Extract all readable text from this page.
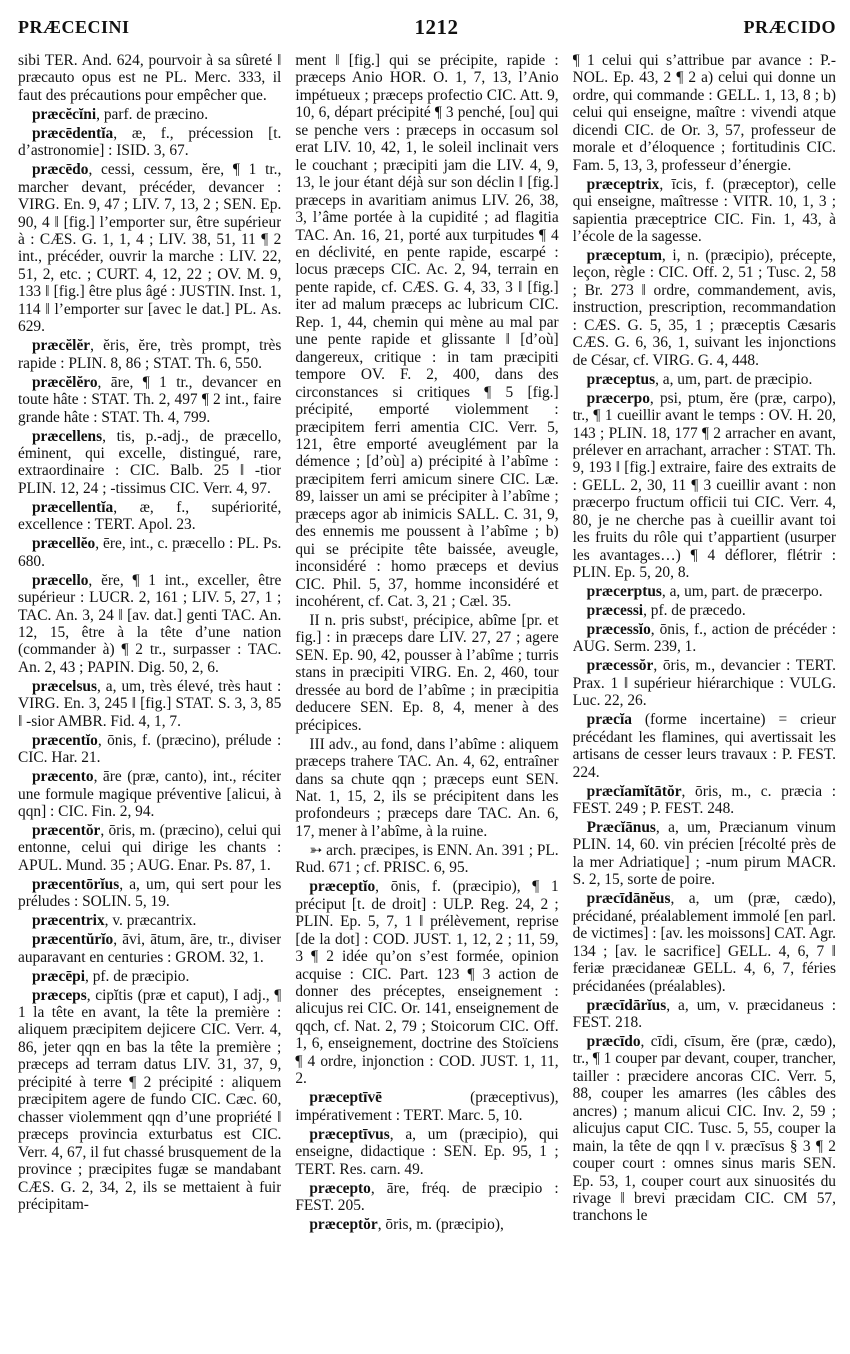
PRÆCECINI	1212	PRÆCIDO

sibi TER. And. 624, pourvoir à sa sûreté ‖ præcauto opus est ne PL. Merc. 333, il faut des précautions pour empêcher que.

præcĕcĭni, parf. de præcino.

præcēdentĭa, æ, f., précession [t. d’astronomie] : ISID. 3, 67.

præcēdo, cessi, cessum, ĕre, ¶ 1 tr., marcher devant, précéder, devancer : VIRG. En. 9, 47 ; LIV. 7, 13, 2 ; SEN. Ep. 90, 4 ‖ [fig.] l’emporter sur, être supérieur à : CÆS. G. 1, 1, 4 ; LIV. 38, 51, 11 ¶ 2 int., précéder, ouvrir la marche : LIV. 22, 51, 2, etc. ; CURT. 4, 12, 22 ; OV. M. 9, 133 ‖ [fig.] être plus âgé : JUSTIN. Inst. 1, 114 ‖ l’emporter sur [avec le dat.] PL. As. 629.

præcĕlĕr, ĕris, ĕre, très prompt, très rapide : PLIN. 8, 86 ; STAT. Th. 6, 550.

præcĕlĕro, āre, ¶ 1 tr., devancer en toute hâte : STAT. Th. 2, 497 ¶ 2 int., faire grande hâte : STAT. Th. 4, 799.

præcellens, tis, p.-adj., de præcello, éminent, qui excelle, distingué, rare, extraordinaire : CIC. Balb. 25 ‖ -tior PLIN. 12, 24 ; -tissimus CIC. Verr. 4, 97.

præcellentĭa, æ, f., supériorité, excellence : TERT. Apol. 23.

præcellĕo, ēre, int., c. præcello : PL. Ps. 680.

præcello, ĕre, ¶ 1 int., exceller, être supérieur : LUCR. 2, 161 ; LIV. 5, 27, 1 ; TAC. An. 3, 24 ‖ [av. dat.] genti TAC. An. 12, 15, être à la tête d’une nation (commander à) ¶ 2 tr., surpasser : TAC. An. 2, 43 ; PAPIN. Dig. 50, 2, 6.

præcelsus, a, um, très élevé, très haut : VIRG. En. 3, 245 ‖ [fig.] STAT. S. 3, 3, 85 ‖ -sior AMBR. Fid. 4, 1, 7.

præcentĭo, ōnis, f. (præcino), prélude : CIC. Har. 21.

præcento, āre (præ, canto), int., réciter une formule magique préventive [alicui, à qqn] : CIC. Fin. 2, 94.

præcentŏr, ōris, m. (præcino), celui qui entonne, celui qui dirige les chants : APUL. Mund. 35 ; AUG. Enar. Ps. 87, 1.

præcentōrĭus, a, um, qui sert pour les préludes : SOLIN. 5, 19.

præcentrix, v. præcantrix.

præcentŭrĭo, āvi, ātum, āre, tr., diviser auparavant en centuries : GROM. 32, 1.

præcēpi, pf. de præcipio.

præceps, cipĭtis (præ et caput), I adj., ¶ 1 la tête en avant, la tête la première : aliquem præcipitem dejicere CIC. Verr. 4, 86, jeter qqn en bas la tête la première ; præceps ad terram datus LIV. 31, 37, 9, précipité à terre ¶ 2 précipité : aliquem præcipitem agere de fundo CIC. Cæc. 60, chasser violemment qqn d’une propriété ‖ præceps provincia exturbatus est CIC. Verr. 4, 67, il fut chassé brusquement de la province ; præcipites fugæ se mandabant CÆS. G. 2, 34, 2, ils se mettaient à fuir précipitam-

ment ‖ [fig.] qui se précipite, rapide : præceps Anio HOR. O. 1, 7, 13, l’Anio impétueux ; præceps profectio CIC. Att. 9, 10, 6, départ précipité ¶ 3 penché, [ou] qui se penche vers : præceps in occasum sol erat LIV. 10, 42, 1, le soleil inclinait vers le couchant ; præcipiti jam die LIV. 4, 9, 13, le jour étant déjà sur son déclin ‖ [fig.] præceps in avaritiam animus LIV. 26, 38, 3, l’âme portée à la cupidité ; ad flagitia TAC. An. 16, 21, porté aux turpitudes ¶ 4 en déclivité, en pente rapide, escarpé : locus præceps CIC. Ac. 2, 94, terrain en pente rapide, cf. CÆS. G. 4, 33, 3 ‖ [fig.] iter ad malum præceps ac lubricum CIC. Rep. 1, 44, chemin qui mène au mal par une pente rapide et glissante ‖ [d’où] dangereux, critique : in tam præcipiti tempore OV. F. 2, 400, dans des circonstances si critiques ¶ 5 [fig.] précipité, emporté violemment : præcipitem ferri amentia CIC. Verr. 5, 121, être emporté aveuglément par la démence ; [d’où] a) précipité à l’abîme : præcipitem ferri amicum sinere CIC. Læ. 89, laisser un ami se précipiter à l’abîme ; præceps agor ab inimicis SALL. C. 31, 9, des ennemis me poussent à l’abîme ; b) qui se précipite tête baissée, aveugle, inconsidéré : homo præceps et devius CIC. Phil. 5, 37, homme inconsidéré et incohérent, cf. Cat. 3, 21 ; Cæl. 35.

II n. pris substᵗ, précipice, abîme [pr. et fig.] : in præceps dare LIV. 27, 27 ; agere SEN. Ep. 90, 42, pousser à l’abîme ; turris stans in præcipiti VIRG. En. 2, 460, tour dressée au bord de l’abîme ; in præcipitia deducere SEN. Ep. 8, 4, mener à des précipices.

III adv., au fond, dans l’abîme : aliquem præceps trahere TAC. An. 4, 62, entraîner dans sa chute qqn ; præceps eunt SEN. Nat. 1, 15, 2, ils se précipitent dans les profondeurs ; præceps dare TAC. An. 6, 17, mener à l’abîme, à la ruine.

➳ arch. præcipes, is ENN. An. 391 ; PL. Rud. 671 ; cf. PRISC. 6, 95.

præceptĭo, ōnis, f. (præcipio), ¶ 1 préciput [t. de droit] : ULP. Reg. 24, 2 ; PLIN. Ep. 5, 7, 1 ‖ prélèvement, reprise [de la dot] : COD. JUST. 1, 12, 2 ; 11, 59, 3 ¶ 2 idée qu’on s’est formée, opinion acquise : CIC. Part. 123 ¶ 3 action de donner des préceptes, enseignement : alicujus rei CIC. Or. 141, enseignement de qqch, cf. Nat. 2, 79 ; Stoicorum CIC. Off. 1, 6, enseignement, doctrine des Stoïciens ¶ 4 ordre, injonction : COD. JUST. 1, 11, 2.

præceptīvē (præceptivus), impérativement : TERT. Marc. 5, 10.

præceptīvus, a, um (præcipio), qui enseigne, didactique : SEN. Ep. 95, 1 ; TERT. Res. carn. 49.

præcepto, āre, fréq. de præcipio : FEST. 205.

præceptŏr, ōris, m. (præcipio),

¶ 1 celui qui s’attribue par avance : P.-NOL. Ep. 43, 2 ¶ 2 a) celui qui donne un ordre, qui commande : GELL. 1, 13, 8 ; b) celui qui enseigne, maître : vivendi atque dicendi CIC. de Or. 3, 57, professeur de morale et d’éloquence ; fortitudinis CIC. Fam. 5, 13, 3, professeur d’énergie.

præceptrix, īcis, f. (præceptor), celle qui enseigne, maîtresse : VITR. 10, 1, 3 ; sapientia præceptrice CIC. Fin. 1, 43, à l’école de la sagesse.

præceptum, i, n. (præcipio), précepte, leçon, règle : CIC. Off. 2, 51 ; Tusc. 2, 58 ; Br. 273 ‖ ordre, commandement, avis, instruction, prescription, recommandation : CÆS. G. 5, 35, 1 ; præceptis Cæsaris CÆS. G. 6, 36, 1, suivant les injonctions de César, cf. VIRG. G. 4, 448.

præceptus, a, um, part. de præcipio.

præcerpo, psi, ptum, ĕre (præ, carpo), tr., ¶ 1 cueillir avant le temps : OV. H. 20, 143 ; PLIN. 18, 177 ¶ 2 arracher en avant, prélever en arrachant, arracher : STAT. Th. 9, 193 ‖ [fig.] extraire, faire des extraits de : GELL. 2, 30, 11 ¶ 3 cueillir avant : non præcerpo fructum officii tui CIC. Verr. 4, 80, je ne cherche pas à cueillir avant toi les fruits du rôle qui t’appartient (usurper les avantages…) ¶ 4 déflorer, flétrir : PLIN. Ep. 5, 20, 8.

præcerptus, a, um, part. de præcerpo.

præcessi, pf. de præcedo.

præcessĭo, ōnis, f., action de précéder : AUG. Serm. 239, 1.

præcessŏr, ōris, m., devancier : TERT. Prax. 1 ‖ supérieur hiérarchique : VULG. Luc. 22, 26.

præcĭa (forme incertaine) = crieur précédant les flamines, qui avertissait les artisans de cesser leurs travaux : P. FEST. 224.

præcĭamĭtātŏr, ōris, m., c. præcia : FEST. 249 ; P. FEST. 248.

Præcĭānus, a, um, Præcianum vinum PLIN. 14, 60. vin précien [récolté près de la mer Adriatique] ; -num pirum MACR. S. 2, 15, sorte de poire.

præcīdānĕus, a, um (præ, cædo), précidané, préalablement immolé [en parl. de victimes] : [av. les moissons] CAT. Agr. 134 ; [av. le sacrifice] GELL. 4, 6, 7 ‖ feriæ præcidaneæ GELL. 4, 6, 7, féries précidanées (préalables).

præcīdārĭus, a, um, v. præcidaneus : FEST. 218.

præcīdo, cīdi, cīsum, ĕre (præ, cædo), tr., ¶ 1 couper par devant, couper, trancher, tailler : præcidere ancoras CIC. Verr. 5, 88, couper les amarres (les câbles des ancres) ; manum alicui CIC. Inv. 2, 59 ; alicujus caput CIC. Tusc. 5, 55, couper la main, la tête de qqn ‖ v. præcīsus § 3 ¶ 2 couper court : omnes sinus maris SEN. Ep. 53, 1, couper court aux sinuosités du rivage ‖ brevi præcidam CIC. CM 57, tranchons le
